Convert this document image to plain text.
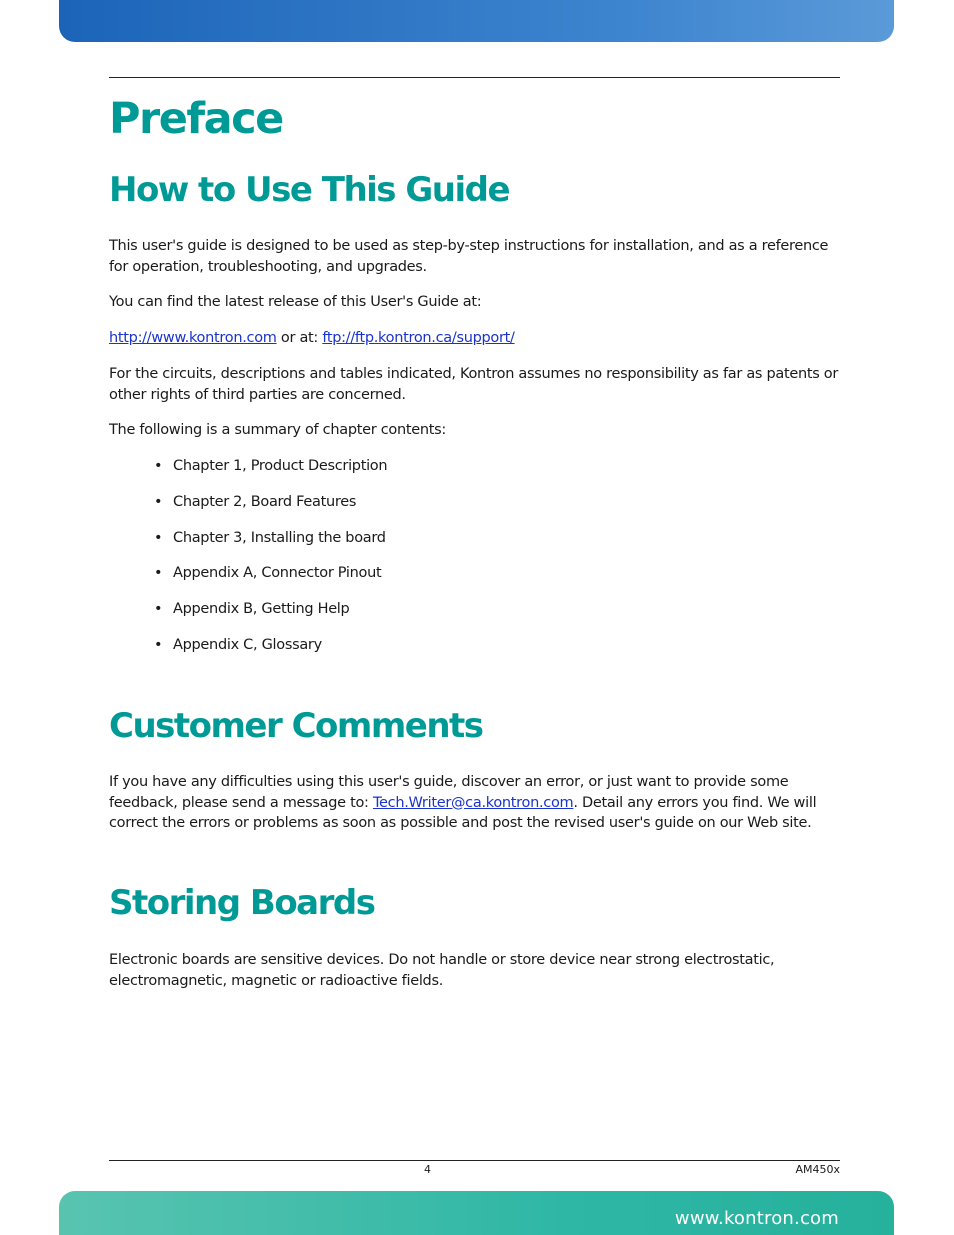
Preface
How to Use This Guide
This user's guide is designed to be used as step-by-step instructions for installation, and as a reference for operation, troubleshooting, and upgrades.
You can find the latest release of this User's Guide at:
http://www.kontron.com or at: ftp://ftp.kontron.ca/support/
For the circuits, descriptions and tables indicated, Kontron assumes no responsibility as far as patents or other rights of third parties are concerned.
The following is a summary of chapter contents:
• Chapter 1, Product Description
• Chapter 2, Board Features
• Chapter 3, Installing the board
• Appendix A, Connector Pinout
• Appendix B, Getting Help
• Appendix C, Glossary
Customer Comments
If you have any difficulties using this user's guide, discover an error, or just want to provide some feedback, please send a message to: Tech.Writer@ca.kontron.com. Detail any errors you find. We will correct the errors or problems as soon as possible and post the revised user's guide on our Web site.
Storing Boards
Electronic boards are sensitive devices. Do not handle or store device near strong electrostatic, electromagnetic, magnetic or radioactive fields.
4	AM450x
www.kontron.com
